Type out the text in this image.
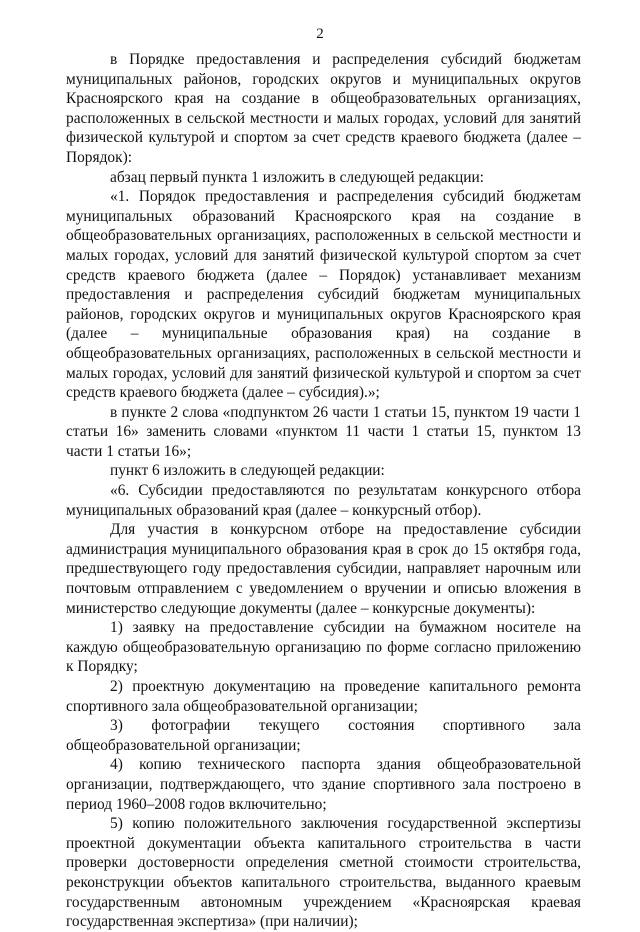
2

в Порядке предоставления и распределения субсидий бюджетам муниципальных районов, городских округов и муниципальных округов Красноярского края на создание в общеобразовательных организациях, расположенных в сельской местности и малых городах, условий для занятий физической культурой и спортом за счет средств краевого бюджета (далее – Порядок):

абзац первый пункта 1 изложить в следующей редакции:

«1. Порядок предоставления и распределения субсидий бюджетам муниципальных образований Красноярского края на создание в общеобразовательных организациях, расположенных в сельской местности и малых городах, условий для занятий физической культурой спортом за счет средств краевого бюджета (далее – Порядок) устанавливает механизм предоставления и распределения субсидий бюджетам муниципальных районов, городских округов и муниципальных округов Красноярского края (далее – муниципальные образования края) на создание в общеобразовательных организациях, расположенных в сельской местности и малых городах, условий для занятий физической культурой и спортом за счет средств краевого бюджета (далее – субсидия).»;

в пункте 2 слова «подпунктом 26 части 1 статьи 15, пунктом 19 части 1 статьи 16» заменить словами «пунктом 11 части 1 статьи 15, пунктом 13 части 1 статьи 16»;

пункт 6 изложить в следующей редакции:

«6. Субсидии предоставляются по результатам конкурсного отбора муниципальных образований края (далее – конкурсный отбор).

Для участия в конкурсном отборе на предоставление субсидии администрация муниципального образования края в срок до 15 октября года, предшествующего году предоставления субсидии, направляет нарочным или почтовым отправлением с уведомлением о вручении и описью вложения в министерство следующие документы (далее – конкурсные документы):

1) заявку на предоставление субсидии на бумажном носителе на каждую общеобразовательную организацию по форме согласно приложению к Порядку;

2) проектную документацию на проведение капитального ремонта спортивного зала общеобразовательной организации;

3) фотографии текущего состояния спортивного зала общеобразовательной организации;

4) копию технического паспорта здания общеобразовательной организации, подтверждающего, что здание спортивного зала построено в период 1960–2008 годов включительно;

5) копию положительного заключения государственной экспертизы проектной документации объекта капитального строительства в части проверки достоверности определения сметной стоимости строительства, реконструкции объектов капитального строительства, выданного краевым государственным автономным учреждением «Красноярская краевая государственная экспертиза» (при наличии);
